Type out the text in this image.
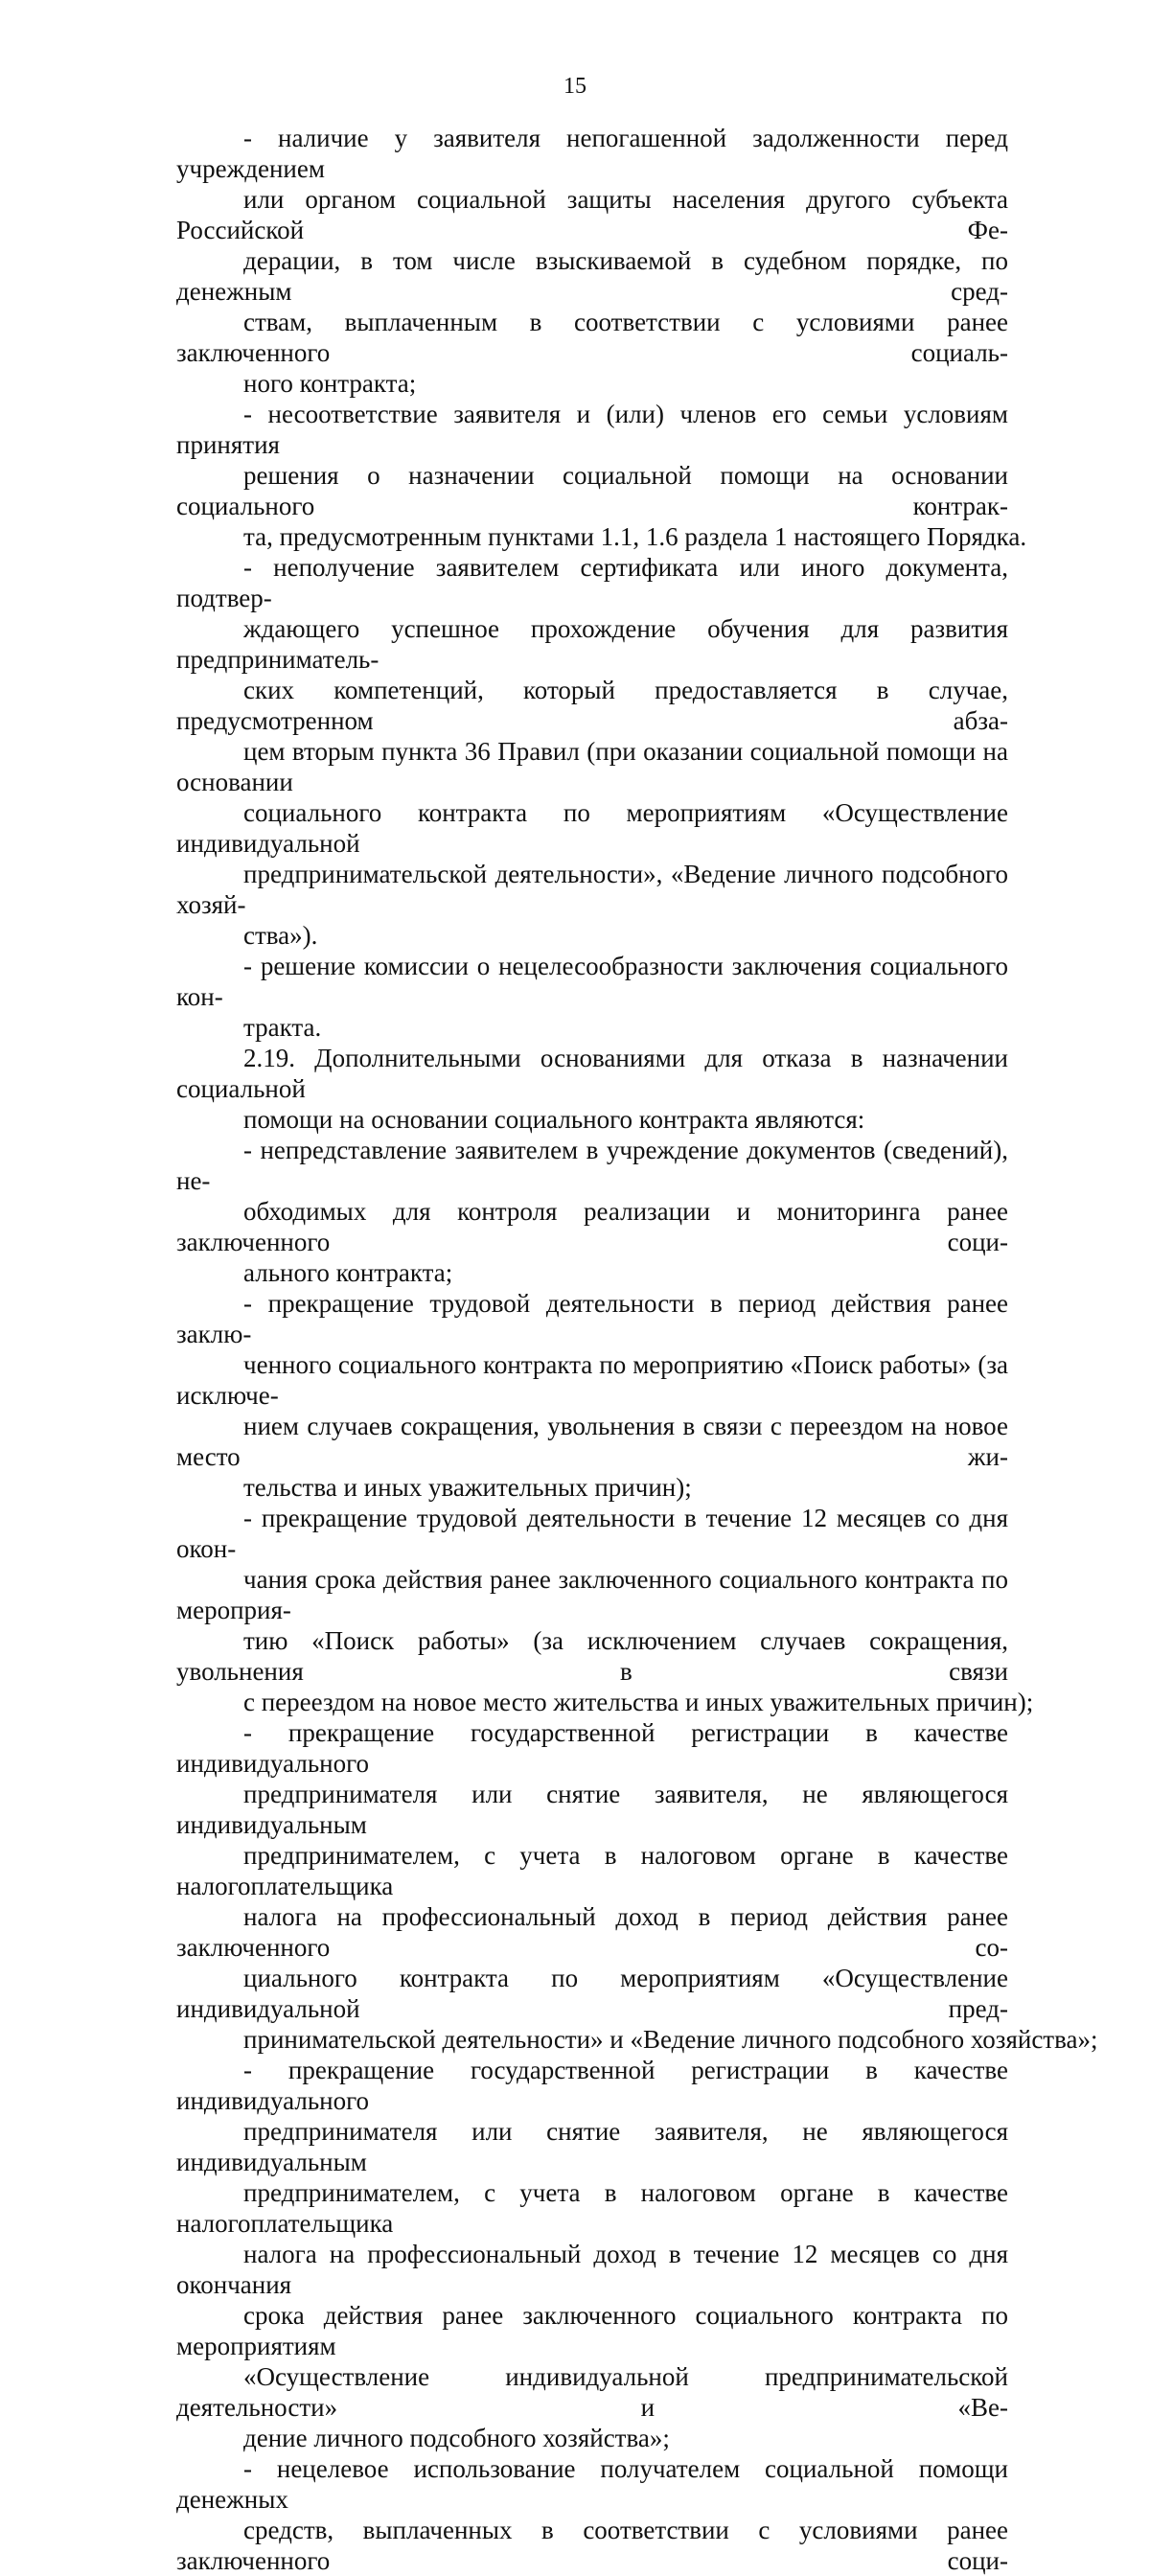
15

- наличие у заявителя непогашенной задолженности перед учреждением
или органом социальной защиты населения другого субъекта Российской Фе-
дерации, в том числе взыскиваемой в судебном порядке, по денежным сред-
ствам, выплаченным в соответствии с условиями ранее заключенного социаль-
ного контракта;

- несоответствие заявителя и (или) членов его семьи условиям принятия
решения о назначении социальной помощи на основании социального контрак-
та, предусмотренным пунктами 1.1, 1.6 раздела 1 настоящего Порядка.

- неполучение заявителем сертификата или иного документа, подтвер-
ждающего успешное прохождение обучения для развития предприниматель-
ских компетенций, который предоставляется в случае, предусмотренном абза-
цем вторым пункта 36 Правил (при оказании социальной помощи на основании
социального контракта по мероприятиям «Осуществление индивидуальной
предпринимательской деятельности», «Ведение личного подсобного хозяй-
ства»).

- решение комиссии о нецелесообразности заключения социального кон-
тракта.

2.19. Дополнительными основаниями для отказа в назначении социальной
помощи на основании социального контракта являются:

- непредставление заявителем в учреждение документов (сведений), не-
обходимых для контроля реализации и мониторинга ранее заключенного соци-
ального контракта;

- прекращение трудовой деятельности в период действия ранее заклю-
ченного социального контракта по мероприятию «Поиск работы» (за исключе-
нием случаев сокращения, увольнения в связи с переездом на новое место жи-
тельства и иных уважительных причин);

- прекращение трудовой деятельности в течение 12 месяцев со дня окон-
чания срока действия ранее заключенного социального контракта по мероприя-
тию «Поиск работы» (за исключением случаев сокращения, увольнения в связи
с переездом на новое место жительства и иных уважительных причин);

- прекращение государственной регистрации в качестве индивидуального
предпринимателя или снятие заявителя, не являющегося индивидуальным
предпринимателем, с учета в налоговом органе в качестве налогоплательщика
налога на профессиональный доход в период действия ранее заключенного со-
циального контракта по мероприятиям «Осуществление индивидуальной пред-
принимательской деятельности» и «Ведение личного подсобного хозяйства»;

- прекращение государственной регистрации в качестве индивидуального
предпринимателя или снятие заявителя, не являющегося индивидуальным
предпринимателем, с учета в налоговом органе в качестве налогоплательщика
налога на профессиональный доход в течение 12 месяцев со дня окончания
срока действия ранее заключенного социального контракта по мероприятиям
«Осуществление индивидуальной предпринимательской деятельности» и «Ве-
дение личного подсобного хозяйства»;

- нецелевое использование получателем социальной помощи денежных
средств, выплаченных в соответствии с условиями ранее заключенного соци-
